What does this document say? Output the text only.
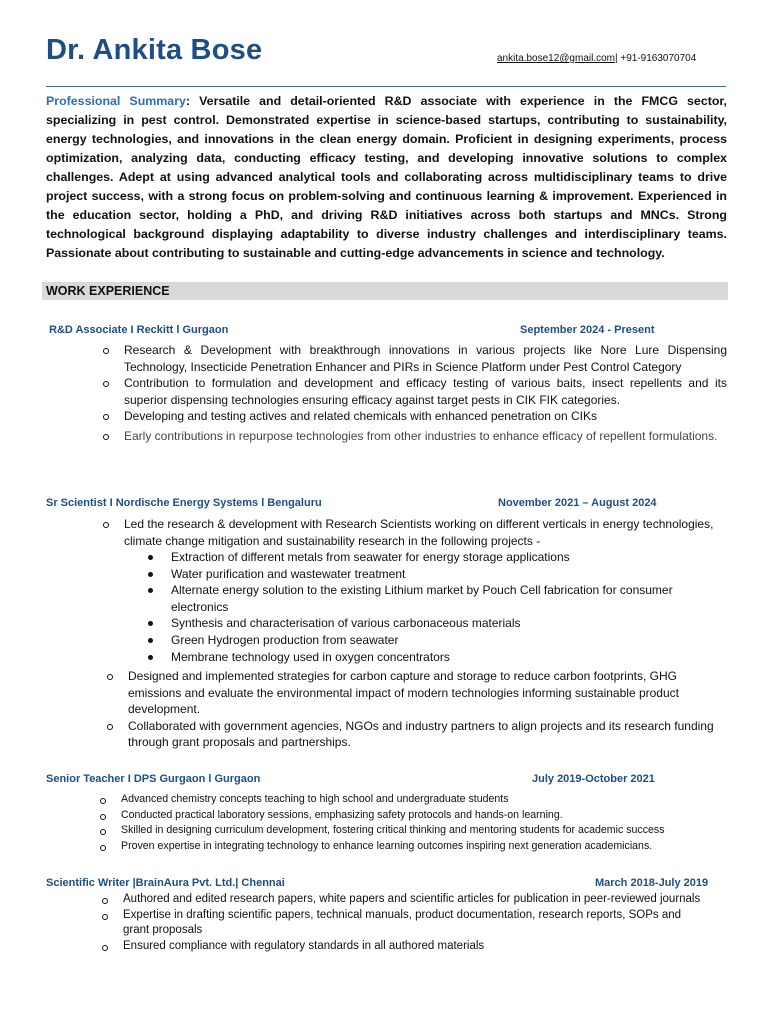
Dr. Ankita Bose	ankita.bose12@gmail.com| +91-9163070704

Professional Summary: Versatile and detail-oriented R&D associate with experience in the FMCG sector, specializing in pest control. Demonstrated expertise in science-based startups, contributing to sustainability, energy technologies, and innovations in the clean energy domain. Proficient in designing experiments, process optimization, analyzing data, conducting efficacy testing, and developing innovative solutions to complex challenges. Adept at using advanced analytical tools and collaborating across multidisciplinary teams to drive project success, with a strong focus on problem-solving and continuous learning & improvement. Experienced in the education sector, holding a PhD, and driving R&D initiatives across both startups and MNCs. Strong technological background displaying adaptability to diverse industry challenges and interdisciplinary teams. Passionate about contributing to sustainable and cutting-edge advancements in science and technology.

WORK EXPERIENCE
R&D Associate I Reckitt l Gurgaon	September 2024 - Present
Research & Development with breakthrough innovations in various projects like Nore Lure Dispensing Technology, Insecticide Penetration Enhancer and PIRs in Science Platform under Pest Control Category
Contribution to formulation and development and efficacy testing of various baits, insect repellents and its superior dispensing technologies ensuring efficacy against target pests in CIK FIK categories.
Developing and testing actives and related chemicals with enhanced penetration on CIKs
Early contributions in repurpose technologies from other industries to enhance efficacy of repellent formulations.
Sr Scientist I Nordische Energy Systems l Bengaluru	November 2021 – August 2024
Led the research & development with Research Scientists working on different verticals in energy technologies, climate change mitigation and sustainability research in the following projects -
Extraction of different metals from seawater for energy storage applications
Water purification and wastewater treatment
Alternate energy solution to the existing Lithium market by Pouch Cell fabrication for consumer electronics
Synthesis and characterisation of various carbonaceous materials
Green Hydrogen production from seawater
Membrane technology used in oxygen concentrators
Designed and implemented strategies for carbon capture and storage to reduce carbon footprints, GHG emissions and evaluate the environmental impact of modern technologies informing sustainable product development.
Collaborated with government agencies, NGOs and industry partners to align projects and its research funding through grant proposals and partnerships.
Senior Teacher I DPS Gurgaon l Gurgaon	July 2019-October 2021
Advanced chemistry concepts teaching to high school and undergraduate students
Conducted practical laboratory sessions, emphasizing safety protocols and hands-on learning.
Skilled in designing curriculum development, fostering critical thinking and mentoring students for academic success
Proven expertise in integrating technology to enhance learning outcomes inspiring next generation academicians.
Scientific Writer |BrainAura Pvt. Ltd.| Chennai	March 2018-July 2019
Authored and edited research papers, white papers and scientific articles for publication in peer-reviewed journals
Expertise in drafting scientific papers, technical manuals, product documentation, research reports, SOPs and grant proposals
Ensured compliance with regulatory standards in all authored materials
